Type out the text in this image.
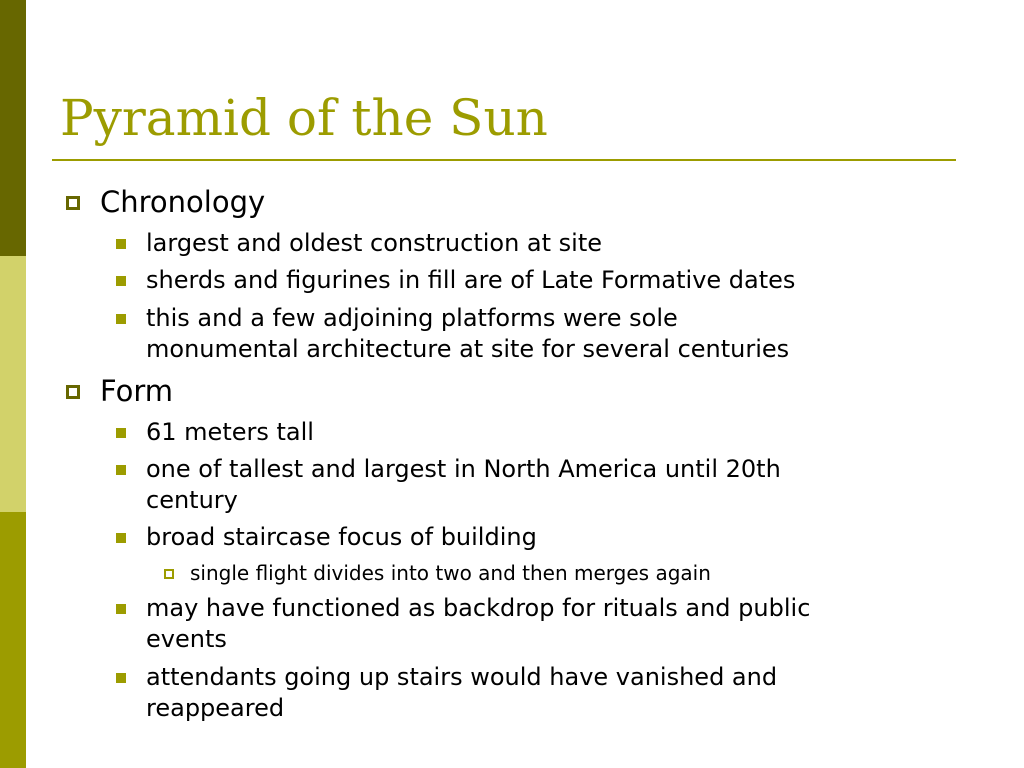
Pyramid of the Sun
Chronology
largest and oldest construction at site
sherds and figurines in fill are of Late Formative dates
this and a few adjoining platforms were sole
monumental architecture at site for several centuries
Form
61 meters tall
one of tallest and largest in North America until 20th
century
broad staircase focus of building
single flight divides into two and then merges again
may have functioned as backdrop for rituals and public
events
attendants going up stairs would have vanished and
reappeared
